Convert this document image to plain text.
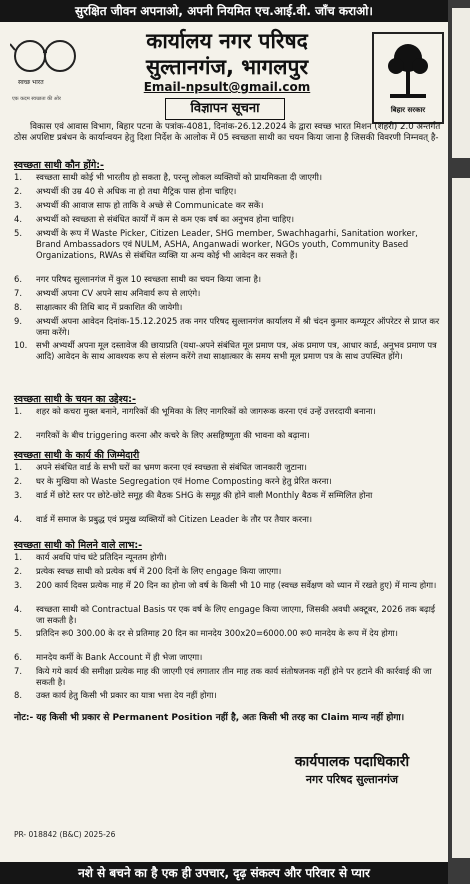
सुरक्षित जीवन अपनाओ, अपनी नियमित एच.आई.वी. जाँच कराओ।
स्वच्छ भारत
एक कदम स्वच्छता की ओर
कार्यालय नगर परिषद
सुल्तानगंज, भागलपुर
Email-npsult@gmail.com
बिहार सरकार
विज्ञापन सूचना
विकास एवं आवास विभाग, बिहार पटना के पत्रांक-4081, दिनांक-26.12.2024 के द्वारा स्वच्छ भारत मिशन (शहरी) 2.0 अन्तर्गत ठोस अपशिष्ट प्रबंधन के कार्यान्वयन हेतु दिशा निर्देश के आलोक में 05 स्वच्छता साथी का चयन किया जाना है जिसकी विवरणी निम्नवत् है-
स्वच्छता साथी कौन होंगे:-
1.	स्वच्छता साथी कोई भी भारतीय हो सकता है, परन्तु लोकल व्यक्तियों को प्राथमिकता दी जाएगी।
2.	अभ्यर्थी की उम्र 40 से अधिक ना हो तथा मैट्रिक पास होना चाहिए।
3.	अभ्यर्थी की आवाज साफ हो ताकि वे अच्छे से Communicate कर सकें।
4.	अभ्यर्थी को स्वच्छता से संबंधित कार्यों में कम से कम एक वर्ष का अनुभव होना चाहिए।
5.	अभ्यर्थी के रूप में Waste Picker, Citizen Leader, SHG member, Swachhagarhi, Sanitation worker, Brand Ambassadors एवं NULM, ASHA, Anganwadi worker, NGOs youth, Community Based Organizations, RWAs से संबंधित व्यक्ति या अन्य कोई भी आवेदन कर सकते हैं।
6.	नगर परिषद सुल्तानगंज में कुल 10 स्वच्छता साथी का चयन किया जाना है।
7.	अभ्यर्थी अपना CV अपने साथ अनिवार्य रूप से लाएंगे।
8.	साक्षात्कार की तिथि बाद में प्रकाशित की जायेगी।
9.	अभ्यर्थी अपना आवेदन दिनांक-15.12.2025 तक नगर परिषद सुल्तानगंज कार्यालय में श्री चंदन कुमार कम्प्यूटर ऑपरेटर से प्राप्त कर जमा करेंगे।
10.	सभी अभ्यर्थी अपना मूल दस्तावेज की छायाप्रति (यथा-अपने संबंधित मूल प्रमाण पत्र, अंक प्रमाण पत्र, आधार कार्ड, अनुभव प्रमाण पत्र आदि) आवेदन के साथ आवश्यक रूप से संलग्न करेंगे तथा साक्षात्कार के समय सभी मूल प्रमाण पत्र के साथ उपस्थित होंगे।
स्वच्छता साथी के चयन का उद्देश्य:-
1.	शहर को कचरा मुक्त बनाने, नागरिकों की भूमिका के लिए नागरिकों को जागरूक करना एवं उन्हें उत्तरदायी बनाना।
2.	नगरिकों के बीच triggering करना और कचरे के लिए असहिष्णुता की भावना को बढ़ाना।
स्वच्छता साथी के कार्य की जिम्मेदारी
1.	अपने संबंधित वार्ड के सभी घरों का भ्रमण करना एवं स्वच्छता से संबंधित जानकारी जुटाना।
2.	घर के मुखिया को Waste Segregation एवं Home Composting करने हेतु प्रेरित करना।
3.	वार्ड में छोटे स्तर पर छोटे-छोटे समूह की बैठक SHG के समूह की होने वाली Monthly बैठक में सम्मिलित होना
4.	वार्ड में समाज के प्रबुद्ध एवं प्रमुख व्यक्तियों को Citizen Leader के तौर पर तैयार करना।
स्वच्छता साथी को मिलने वाले लाभ:-
1.	कार्य अवधि पांच घंटे प्रतिदिन न्यूनतम होगी।
2.	प्रत्येक स्वच्छ साथी को प्रत्येक वर्ष में 200 दिनों के लिए engage किया जाएगा।
3.	200 कार्य दिवस प्रत्येक माह में 20 दिन का होना जो वर्ष के किसी भी 10 माह (स्वच्छ सर्वेक्षण को ध्यान में रखते हुए) में मान्य होगा।
4.	स्वच्छता साथी को Contractual Basis पर एक वर्ष के लिए engage किया जाएगा, जिसकी अवधी अक्टूबर, 2026 तक बढ़ाई जा सकती है।
5.	प्रतिदिन रू0 300.00 के दर से प्रतिमाह 20 दिन का मानदेय 300x20=6000.00 रू0 मानदेय के रूप में देय होगा।
6.	मानदेय कर्मी के Bank Account में ही भेजा जाएगा।
7.	किये गये कार्य की समीक्षा प्रत्येक माह की जाएगी एवं लगातार तीन माह तक कार्य संतोषजनक नहीं होने पर हटाने की कार्रवाई की जा सकती है।
8.	उक्त कार्य हेतु किसी भी प्रकार का यात्रा भत्ता देय नहीं होगा।
नोट:- यह किसी भी प्रकार से Permanent Position नहीं है, अतः किसी भी तरह का Claim मान्य नहीं होगा।
कार्यपालक पदाधिकारी
नगर परिषद सुल्तानगंज
PR- 018842 (B&C) 2025-26
नशे से बचने का है एक ही उपचार, दृढ़ संकल्प और परिवार से प्यार
